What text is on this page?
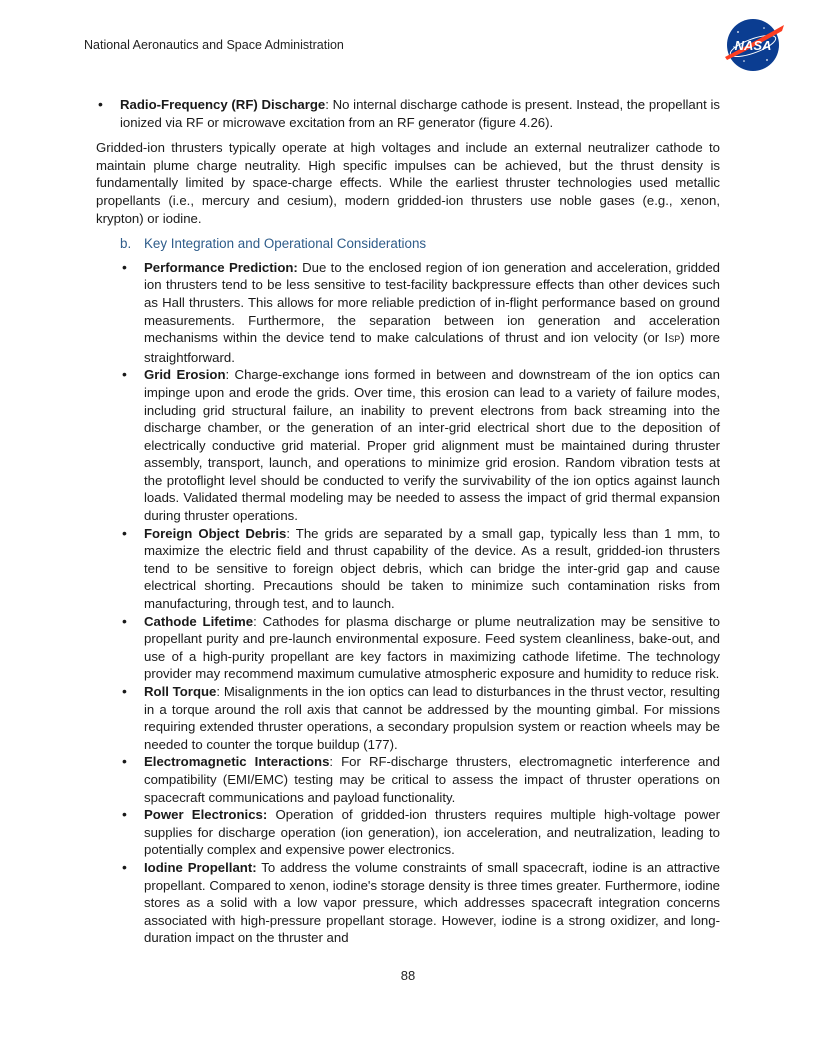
National Aeronautics and Space Administration	NASA
• Radio-Frequency (RF) Discharge: No internal discharge cathode is present. Instead, the propellant is ionized via RF or microwave excitation from an RF generator (figure 4.26).

Gridded-ion thrusters typically operate at high voltages and include an external neutralizer cathode to maintain plume charge neutrality. High specific impulses can be achieved, but the thrust density is fundamentally limited by space-charge effects. While the earliest thruster technologies used metallic propellants (i.e., mercury and cesium), modern gridded-ion thrusters use noble gases (e.g., xenon, krypton) or iodine.

b. Key Integration and Operational Considerations
• Performance Prediction: Due to the enclosed region of ion generation and acceleration, gridded ion thrusters tend to be less sensitive to test-facility backpressure effects than other devices such as Hall thrusters. This allows for more reliable prediction of in-flight performance based on ground measurements. Furthermore, the separation between ion generation and acceleration mechanisms within the device tend to make calculations of thrust and ion velocity (or ISP) more straightforward.
• Grid Erosion: Charge-exchange ions formed in between and downstream of the ion optics can impinge upon and erode the grids. Over time, this erosion can lead to a variety of failure modes, including grid structural failure, an inability to prevent electrons from back streaming into the discharge chamber, or the generation of an inter-grid electrical short due to the deposition of electrically conductive grid material. Proper grid alignment must be maintained during thruster assembly, transport, launch, and operations to minimize grid erosion. Random vibration tests at the protoflight level should be conducted to verify the survivability of the ion optics against launch loads. Validated thermal modeling may be needed to assess the impact of grid thermal expansion during thruster operations.
• Foreign Object Debris: The grids are separated by a small gap, typically less than 1 mm, to maximize the electric field and thrust capability of the device. As a result, gridded-ion thrusters tend to be sensitive to foreign object debris, which can bridge the inter-grid gap and cause electrical shorting. Precautions should be taken to minimize such contamination risks from manufacturing, through test, and to launch.
• Cathode Lifetime: Cathodes for plasma discharge or plume neutralization may be sensitive to propellant purity and pre-launch environmental exposure. Feed system cleanliness, bake-out, and use of a high-purity propellant are key factors in maximizing cathode lifetime. The technology provider may recommend maximum cumulative atmospheric exposure and humidity to reduce risk.
• Roll Torque: Misalignments in the ion optics can lead to disturbances in the thrust vector, resulting in a torque around the roll axis that cannot be addressed by the mounting gimbal. For missions requiring extended thruster operations, a secondary propulsion system or reaction wheels may be needed to counter the torque buildup (177).
• Electromagnetic Interactions: For RF-discharge thrusters, electromagnetic interference and compatibility (EMI/EMC) testing may be critical to assess the impact of thruster operations on spacecraft communications and payload functionality.
• Power Electronics: Operation of gridded-ion thrusters requires multiple high-voltage power supplies for discharge operation (ion generation), ion acceleration, and neutralization, leading to potentially complex and expensive power electronics.
• Iodine Propellant: To address the volume constraints of small spacecraft, iodine is an attractive propellant. Compared to xenon, iodine's storage density is three times greater. Furthermore, iodine stores as a solid with a low vapor pressure, which addresses spacecraft integration concerns associated with high-pressure propellant storage. However, iodine is a strong oxidizer, and long-duration impact on the thruster and
88
